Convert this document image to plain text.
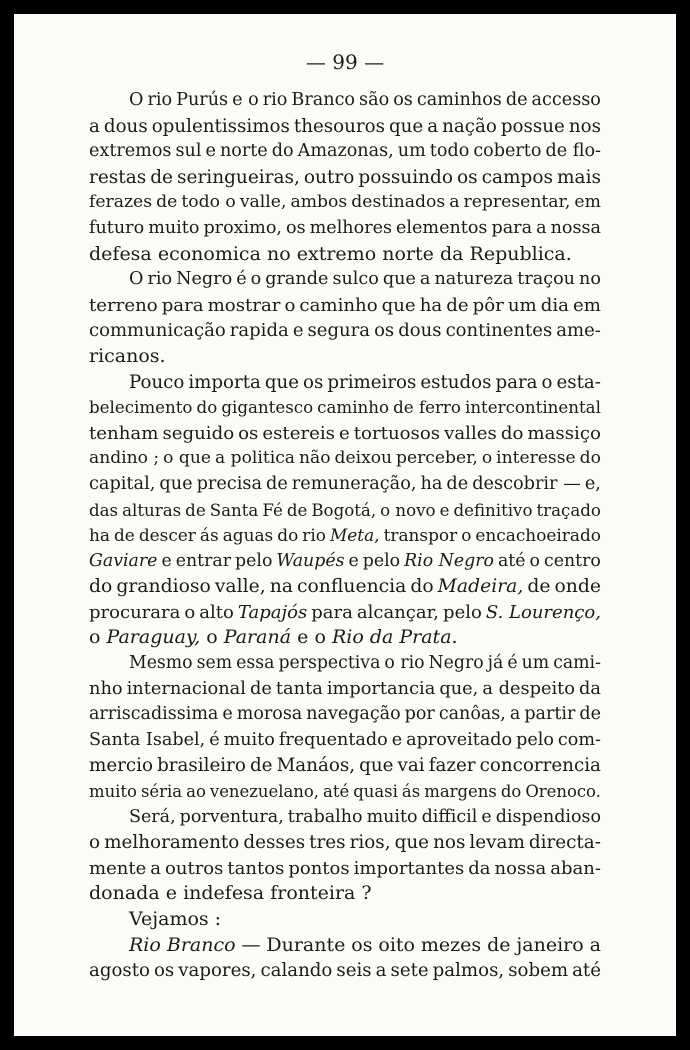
— 99 —
O rio Purús e o rio Branco são os caminhos de accesso
a dous opulentissimos thesouros que a nação possue nos
extremos sul e norte do Amazonas, um todo coberto de flo-
restas de seringueiras, outro possuindo os campos mais
ferazes de todo o valle, ambos destinados a representar, em
futuro muito proximo, os melhores elementos para a nossa
defesa economica no extremo norte da Republica.
O rio Negro é o grande sulco que a natureza traçou no
terreno para mostrar o caminho que ha de pôr um dia em
communicação rapida e segura os dous continentes ame-
ricanos.
Pouco importa que os primeiros estudos para o esta-
belecimento do gigantesco caminho de ferro intercontinental
tenham seguido os estereis e tortuosos valles do massiço
andino ; o que a politica não deixou perceber, o interesse do
capital, que precisa de remuneração, ha de descobrir — e,
das alturas de Santa Fé de Bogotá, o novo e definitivo traçado
ha de descer ás aguas do rio Meta, transpor o encachoeirado
Gaviare e entrar pelo Waupés e pelo Rio Negro até o centro
do grandioso valle, na confluencia do Madeira, de onde
procurara o alto Tapajós para alcançar, pelo S. Lourenço,
o Paraguay, o Paraná e o Rio da Prata.
Mesmo sem essa perspectiva o rio Negro já é um cami-
nho internacional de tanta importancia que, a despeito da
arriscadissima e morosa navegação por canôas, a partir de
Santa Isabel, é muito frequentado e aproveitado pelo com-
mercio brasileiro de Manáos, que vai fazer concorrencia
muito séria ao venezuelano, até quasi ás margens do Orenoco.
Será, porventura, trabalho muito difficil e dispendioso
o melhoramento desses tres rios, que nos levam directa-
mente a outros tantos pontos importantes da nossa aban-
donada e indefesa fronteira ?
Vejamos :
Rio Branco — Durante os oito mezes de janeiro a
agosto os vapores, calando seis a sete palmos, sobem até
